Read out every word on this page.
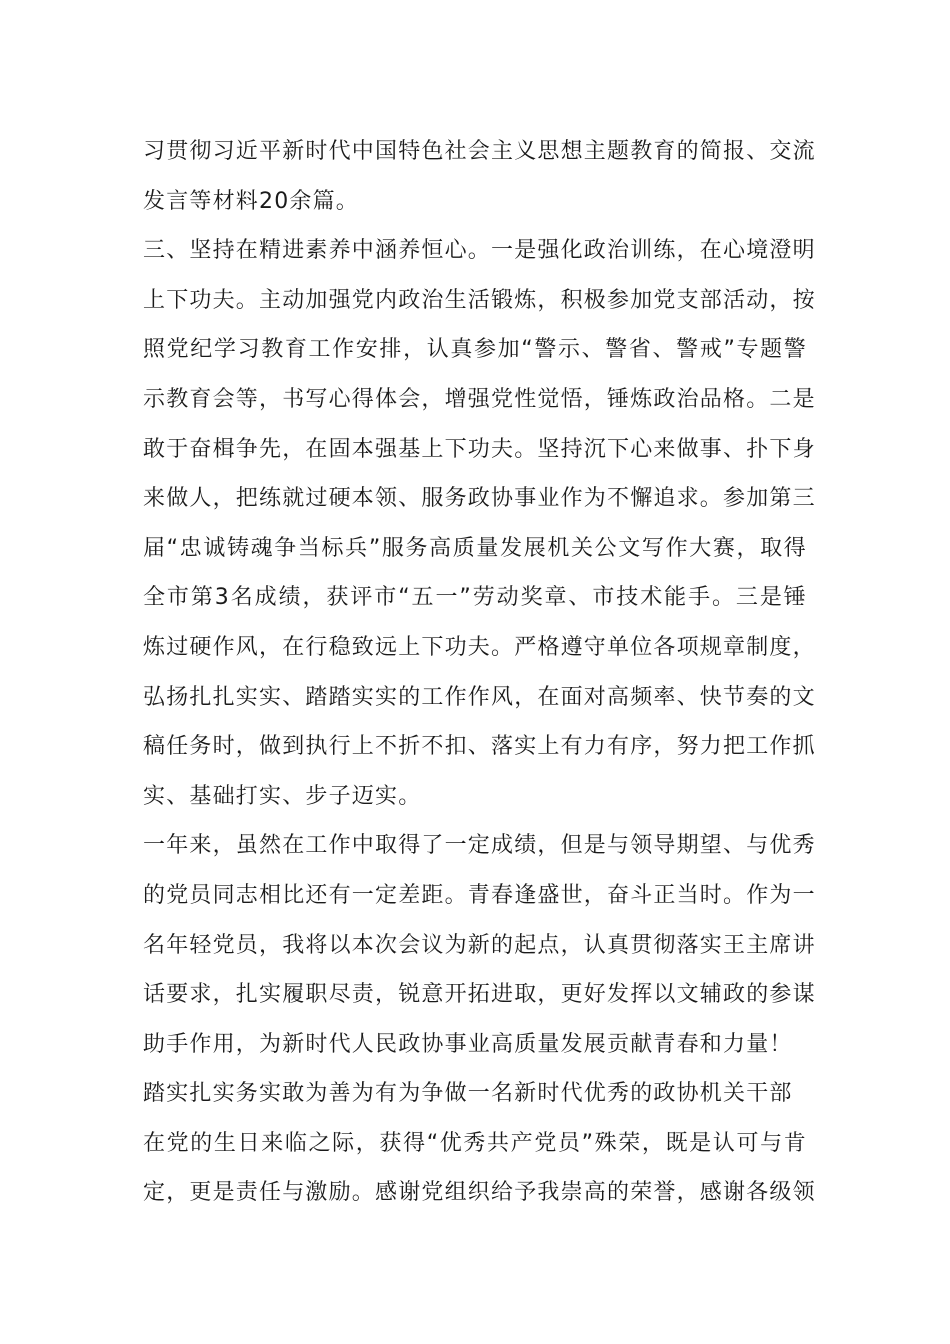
习贯彻习近平新时代中国特色社会主义思想主题教育的简报、交流
发言等材料20余篇。
三、坚持在精进素养中涵养恒心。一是强化政治训练，在心境澄明
上下功夫。主动加强党内政治生活锻炼，积极参加党支部活动，按
照党纪学习教育工作安排，认真参加“警示、警省、警戒”专题警
示教育会等，书写心得体会，增强党性觉悟，锤炼政治品格。二是
敢于奋楫争先，在固本强基上下功夫。坚持沉下心来做事、扑下身
来做人，把练就过硬本领、服务政协事业作为不懈追求。参加第三
届“忠诚铸魂争当标兵”服务高质量发展机关公文写作大赛，取得
全市第3名成绩，获评市“五一”劳动奖章、市技术能手。三是锤
炼过硬作风，在行稳致远上下功夫。严格遵守单位各项规章制度，
弘扬扎扎实实、踏踏实实的工作作风，在面对高频率、快节奏的文
稿任务时，做到执行上不折不扣、落实上有力有序，努力把工作抓
实、基础打实、步子迈实。
一年来，虽然在工作中取得了一定成绩，但是与领导期望、与优秀
的党员同志相比还有一定差距。青春逢盛世，奋斗正当时。作为一
名年轻党员，我将以本次会议为新的起点，认真贯彻落实王主席讲
话要求，扎实履职尽责，锐意开拓进取，更好发挥以文辅政的参谋
助手作用，为新时代人民政协事业高质量发展贡献青春和力量！
踏实扎实务实敢为善为有为争做一名新时代优秀的政协机关干部
在党的生日来临之际，获得“优秀共产党员”殊荣，既是认可与肯
定，更是责任与激励。感谢党组织给予我崇高的荣誉，感谢各级领
